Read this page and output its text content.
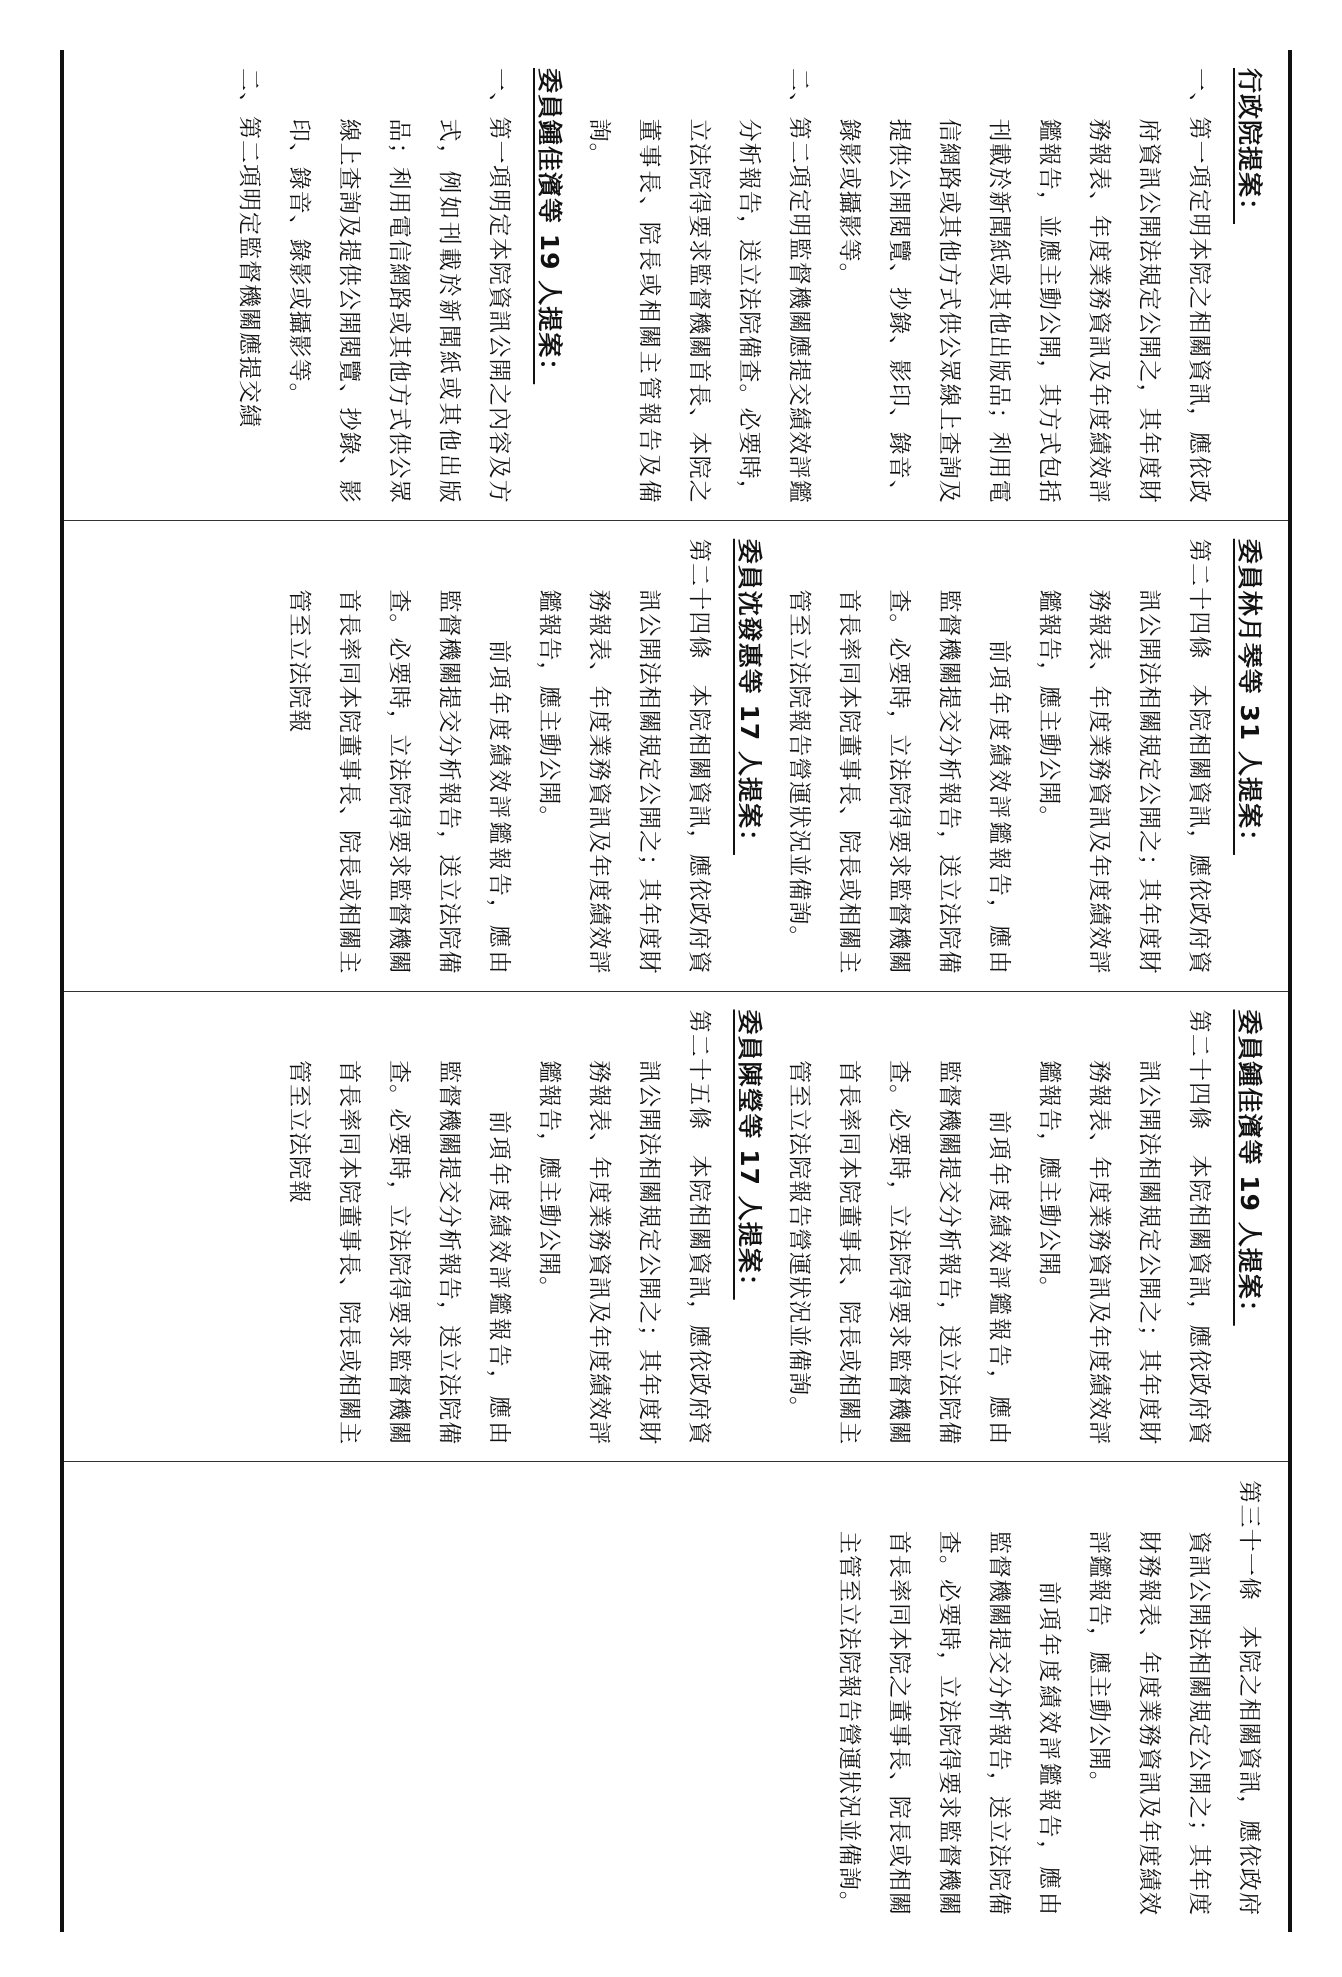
行政院提案：
一、第一項定明本院之相關資訊，應依政府資訊公開法規定公開之，其年度財務報表、年度業務資訊及年度績效評鑑報告，並應主動公開，其方式包括刊載於新聞紙或其他出版品；利用電信網路或其他方式供公眾線上查詢及提供公開閱覽、抄錄、影印、錄音、錄影或攝影等。
二、第二項定明監督機關應提交績效評鑑分析報告，送立法院備查。必要時，立法院得要求監督機關首長、本院之董事長、院長或相關主管報告及備詢。
委員鍾佳濱等 19 人提案：
一、第一項明定本院資訊公開之內容及方式，例如刊載於新聞紙或其他出版品；利用電信網路或其他方式供公眾線上查詢及提供公開閱覽、抄錄、影印、錄音、錄影或攝影等。
二、第二項明定監督機關應提交績
委員林月琴等 31 人提案：
第二十四條　本院相關資訊，應依政府資訊公開法相關規定公開之；其年度財務報表、年度業務資訊及年度績效評鑑報告，應主動公開。
前項年度績效評鑑報告，應由監督機關提交分析報告，送立法院備查。必要時，立法院得要求監督機關首長率同本院董事長、院長或相關主管至立法院報告營運狀況並備詢。
委員沈發惠等 17 人提案：
第二十四條　本院相關資訊，應依政府資訊公開法相關規定公開之；其年度財務報表、年度業務資訊及年度績效評鑑報告，應主動公開。
前項年度績效評鑑報告，應由監督機關提交分析報告，送立法院備查。必要時，立法院得要求監督機關首長率同本院董事長、院長或相關主管至立法院報
委員鍾佳濱等 19 人提案：
第二十四條　本院相關資訊，應依政府資訊公開法相關規定公開之；其年度財務報表、年度業務資訊及年度績效評鑑報告，應主動公開。
前項年度績效評鑑報告，應由監督機關提交分析報告，送立法院備查。必要時，立法院得要求監督機關首長率同本院董事長、院長或相關主管至立法院報告營運狀況並備詢。
委員陳瑩等 17 人提案：
第二十五條　本院相關資訊，應依政府資訊公開法相關規定公開之；其年度財務報表、年度業務資訊及年度績效評鑑報告，應主動公開。
前項年度績效評鑑報告，應由監督機關提交分析報告，送立法院備查。必要時，立法院得要求監督機關首長率同本院董事長、院長或相關主管至立法院報
第三十一條　本院之相關資訊，應依政府資訊公開法相關規定公開之；其年度財務報表、年度業務資訊及年度績效評鑑報告，應主動公開。
前項年度績效評鑑報告，應由監督機關提交分析報告，送立法院備查。必要時，立法院得要求監督機關首長率同本院之董事長、院長或相關主管至立法院報告營運狀況並備詢。
